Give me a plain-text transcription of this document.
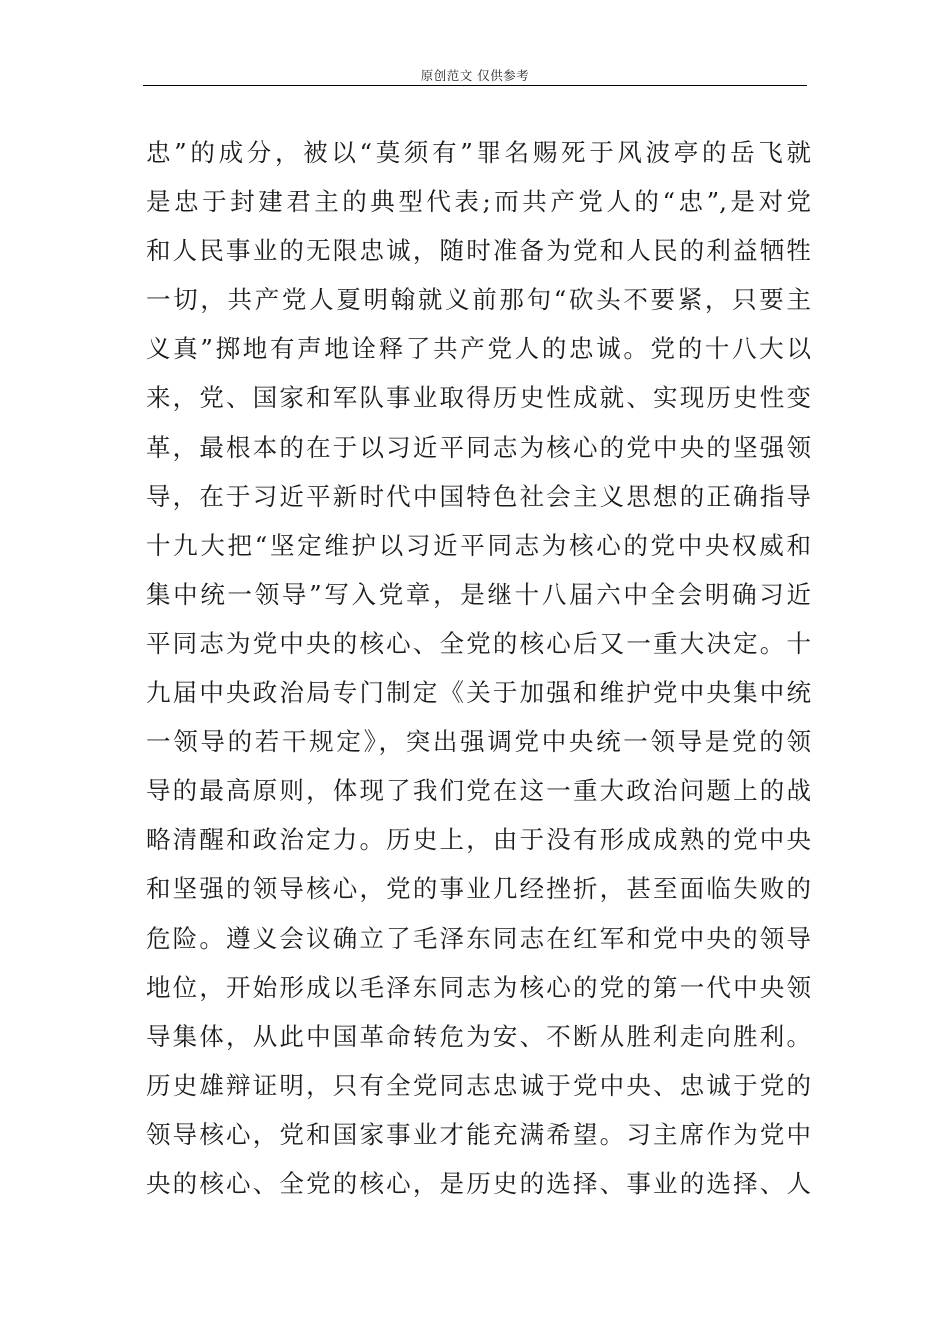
原创范文 仅供参考
忠”的成分，被以“莫须有”罪名赐死于风波亭的岳飞就
是忠于封建君主的典型代表;而共产党人的“忠”,是对党
和人民事业的无限忠诚，随时准备为党和人民的利益牺牲
一切，共产党人夏明翰就义前那句“砍头不要紧，只要主
义真”掷地有声地诠释了共产党人的忠诚。党的十八大以
来，党、国家和军队事业取得历史性成就、实现历史性变
革，最根本的在于以习近平同志为核心的党中央的坚强领
导，在于习近平新时代中国特色社会主义思想的正确指导
十九大把“坚定维护以习近平同志为核心的党中央权威和
集中统一领导”写入党章，是继十八届六中全会明确习近
平同志为党中央的核心、全党的核心后又一重大决定。十
九届中央政治局专门制定《关于加强和维护党中央集中统
一领导的若干规定》，突出强调党中央统一领导是党的领
导的最高原则，体现了我们党在这一重大政治问题上的战
略清醒和政治定力。历史上，由于没有形成成熟的党中央
和坚强的领导核心，党的事业几经挫折，甚至面临失败的
危险。遵义会议确立了毛泽东同志在红军和党中央的领导
地位，开始形成以毛泽东同志为核心的党的第一代中央领
导集体，从此中国革命转危为安、不断从胜利走向胜利。
历史雄辩证明，只有全党同志忠诚于党中央、忠诚于党的
领导核心，党和国家事业才能充满希望。习主席作为党中
央的核心、全党的核心，是历史的选择、事业的选择、人
